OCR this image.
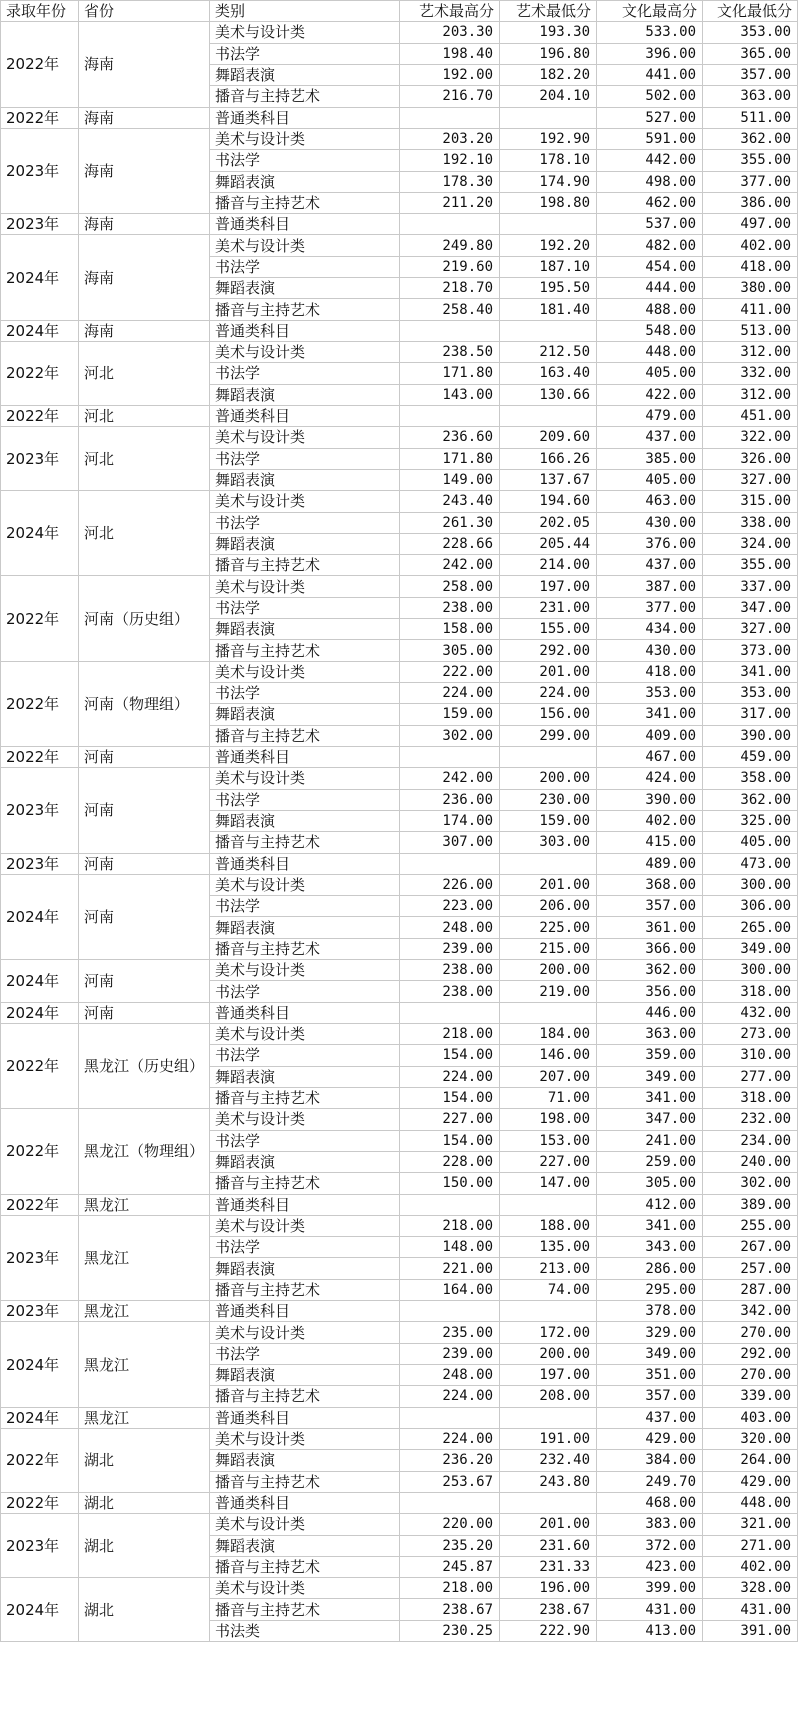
录取年份	省份	类别	艺术最高分	艺术最低分	文化最高分	文化最低分
2022年	海南	美术与设计类	203.30	193.30	533.00	353.00
		书法学	198.40	196.80	396.00	365.00
		舞蹈表演	192.00	182.20	441.00	357.00
		播音与主持艺术	216.70	204.10	502.00	363.00
2022年	海南	普通类科目			527.00	511.00
2023年	海南	美术与设计类	203.20	192.90	591.00	362.00
		书法学	192.10	178.10	442.00	355.00
		舞蹈表演	178.30	174.90	498.00	377.00
		播音与主持艺术	211.20	198.80	462.00	386.00
2023年	海南	普通类科目			537.00	497.00
2024年	海南	美术与设计类	249.80	192.20	482.00	402.00
		书法学	219.60	187.10	454.00	418.00
		舞蹈表演	218.70	195.50	444.00	380.00
		播音与主持艺术	258.40	181.40	488.00	411.00
2024年	海南	普通类科目			548.00	513.00
2022年	河北	美术与设计类	238.50	212.50	448.00	312.00
		书法学	171.80	163.40	405.00	332.00
		舞蹈表演	143.00	130.66	422.00	312.00
2022年	河北	普通类科目			479.00	451.00
2023年	河北	美术与设计类	236.60	209.60	437.00	322.00
		书法学	171.80	166.26	385.00	326.00
		舞蹈表演	149.00	137.67	405.00	327.00
2024年	河北	美术与设计类	243.40	194.60	463.00	315.00
		书法学	261.30	202.05	430.00	338.00
		舞蹈表演	228.66	205.44	376.00	324.00
		播音与主持艺术	242.00	214.00	437.00	355.00
2022年	河南（历史组）	美术与设计类	258.00	197.00	387.00	337.00
		书法学	238.00	231.00	377.00	347.00
		舞蹈表演	158.00	155.00	434.00	327.00
		播音与主持艺术	305.00	292.00	430.00	373.00
2022年	河南（物理组）	美术与设计类	222.00	201.00	418.00	341.00
		书法学	224.00	224.00	353.00	353.00
		舞蹈表演	159.00	156.00	341.00	317.00
		播音与主持艺术	302.00	299.00	409.00	390.00
2022年	河南	普通类科目			467.00	459.00
2023年	河南	美术与设计类	242.00	200.00	424.00	358.00
		书法学	236.00	230.00	390.00	362.00
		舞蹈表演	174.00	159.00	402.00	325.00
		播音与主持艺术	307.00	303.00	415.00	405.00
2023年	河南	普通类科目			489.00	473.00
2024年	河南	美术与设计类	226.00	201.00	368.00	300.00
		书法学	223.00	206.00	357.00	306.00
		舞蹈表演	248.00	225.00	361.00	265.00
		播音与主持艺术	239.00	215.00	366.00	349.00
2024年	河南	美术与设计类	238.00	200.00	362.00	300.00
		书法学	238.00	219.00	356.00	318.00
2024年	河南	普通类科目			446.00	432.00
2022年	黑龙江（历史组）	美术与设计类	218.00	184.00	363.00	273.00
		书法学	154.00	146.00	359.00	310.00
		舞蹈表演	224.00	207.00	349.00	277.00
		播音与主持艺术	154.00	71.00	341.00	318.00
2022年	黑龙江（物理组）	美术与设计类	227.00	198.00	347.00	232.00
		书法学	154.00	153.00	241.00	234.00
		舞蹈表演	228.00	227.00	259.00	240.00
		播音与主持艺术	150.00	147.00	305.00	302.00
2022年	黑龙江	普通类科目			412.00	389.00
2023年	黑龙江	美术与设计类	218.00	188.00	341.00	255.00
		书法学	148.00	135.00	343.00	267.00
		舞蹈表演	221.00	213.00	286.00	257.00
		播音与主持艺术	164.00	74.00	295.00	287.00
2023年	黑龙江	普通类科目			378.00	342.00
2024年	黑龙江	美术与设计类	235.00	172.00	329.00	270.00
		书法学	239.00	200.00	349.00	292.00
		舞蹈表演	248.00	197.00	351.00	270.00
		播音与主持艺术	224.00	208.00	357.00	339.00
2024年	黑龙江	普通类科目			437.00	403.00
2022年	湖北	美术与设计类	224.00	191.00	429.00	320.00
		舞蹈表演	236.20	232.40	384.00	264.00
		播音与主持艺术	253.67	243.80	249.70	429.00
2022年	湖北	普通类科目			468.00	448.00
2023年	湖北	美术与设计类	220.00	201.00	383.00	321.00
		舞蹈表演	235.20	231.60	372.00	271.00
		播音与主持艺术	245.87	231.33	423.00	402.00
2024年	湖北	美术与设计类	218.00	196.00	399.00	328.00
		播音与主持艺术	238.67	238.67	431.00	431.00
		书法类	230.25	222.90	413.00	391.00
